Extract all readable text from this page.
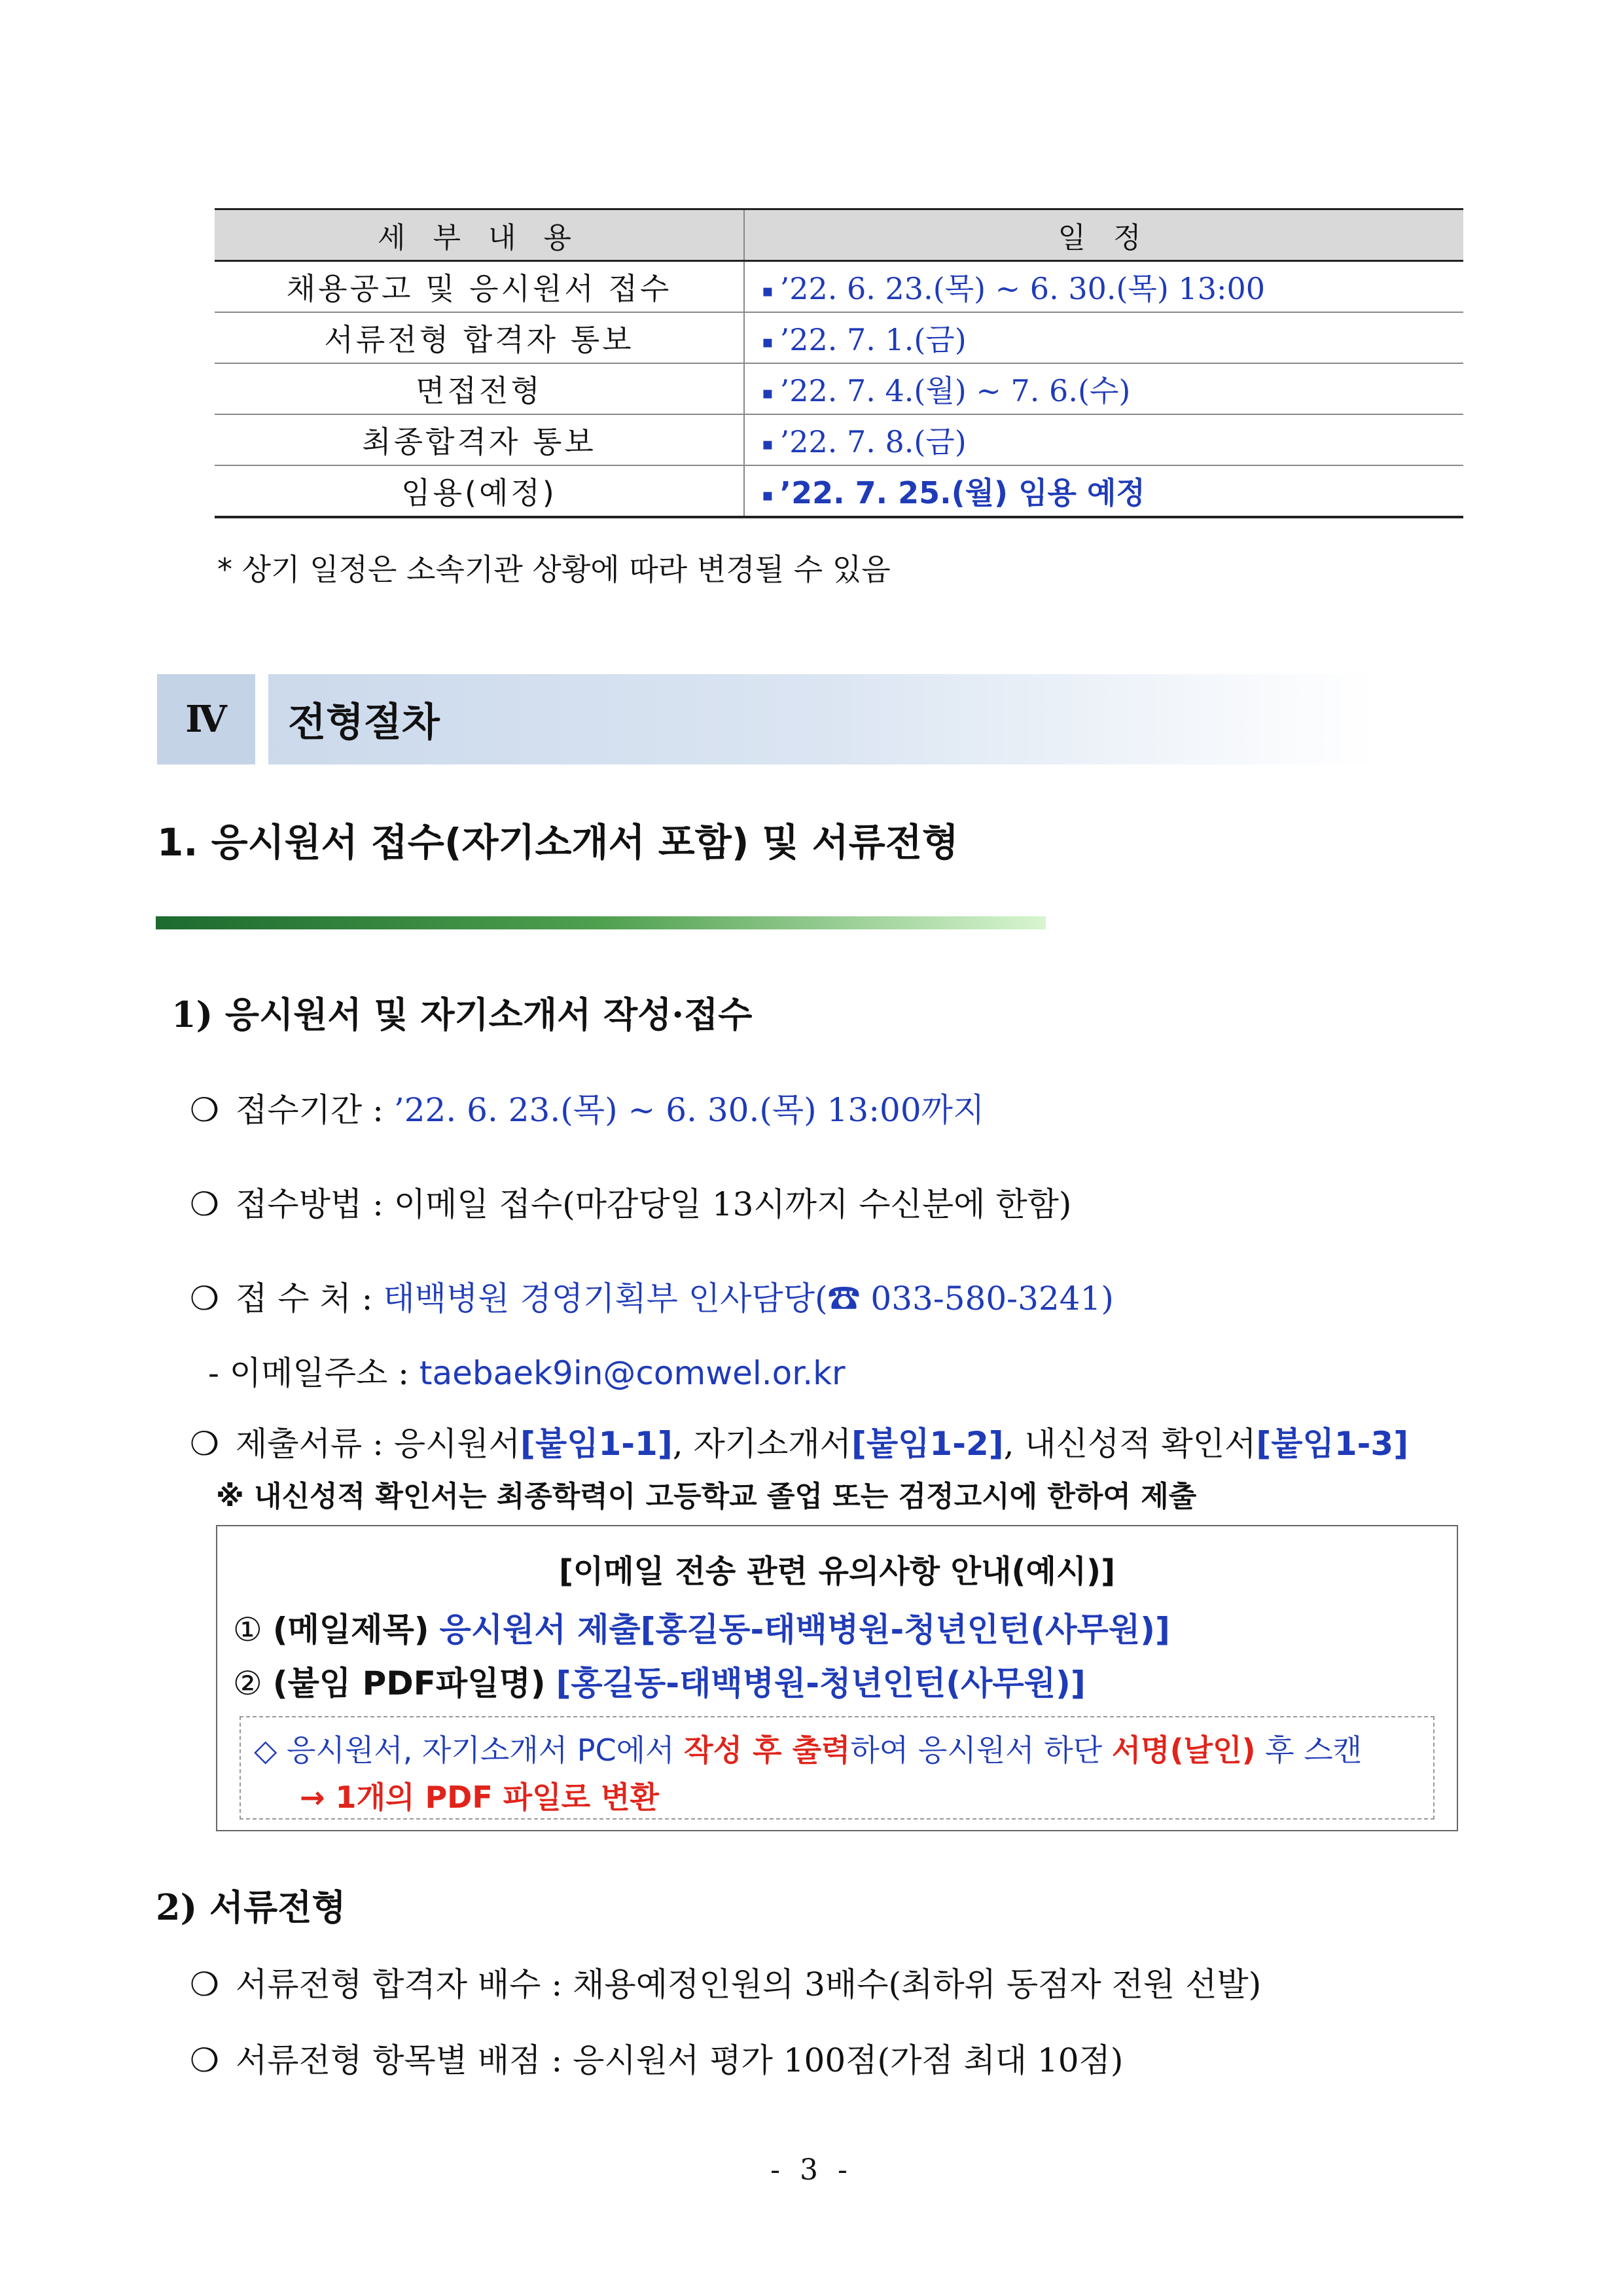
세 부 내 용	일 정
채용공고 및 응시원서 접수	▪ ’22. 6. 23.(목) ~ 6. 30.(목) 13:00
서류전형 합격자 통보	▪ ’22. 7. 1.(금)
면접전형	▪ ’22. 7. 4.(월) ~ 7. 6.(수)
최종합격자 통보	▪ ’22. 7. 8.(금)
임용(예정)	▪ ’22. 7. 25.(월) 임용 예정
* 상기 일정은 소속기관 상황에 따라 변경될 수 있음
Ⅳ	전형절차
1. 응시원서 접수(자기소개서 포함) 및 서류전형
1) 응시원서 및 자기소개서 작성·접수
❍ 접수기간 : ’22. 6. 23.(목) ~ 6. 30.(목) 13:00까지
❍ 접수방법 : 이메일 접수(마감당일 13시까지 수신분에 한함)
❍ 접 수 처 : 태백병원 경영기획부 인사담당(☎ 033-580-3241)
- 이메일주소 : taebaek9in@comwel.or.kr
❍ 제출서류 : 응시원서[붙임1-1], 자기소개서[붙임1-2], 내신성적 확인서[붙임1-3]
※ 내신성적 확인서는 최종학력이 고등학교 졸업 또는 검정고시에 한하여 제출
[이메일 전송 관련 유의사항 안내(예시)]
① (메일제목) 응시원서 제출[홍길동-태백병원-청년인턴(사무원)]
② (붙임 PDF파일명) [홍길동-태백병원-청년인턴(사무원)]
◇ 응시원서, 자기소개서 PC에서 작성 후 출력하여 응시원서 하단 서명(날인) 후 스캔
→ 1개의 PDF 파일로 변환
2) 서류전형
❍ 서류전형 합격자 배수 : 채용예정인원의 3배수(최하위 동점자 전원 선발)
❍ 서류전형 항목별 배점 : 응시원서 평가 100점(가점 최대 10점)
- 3 -
